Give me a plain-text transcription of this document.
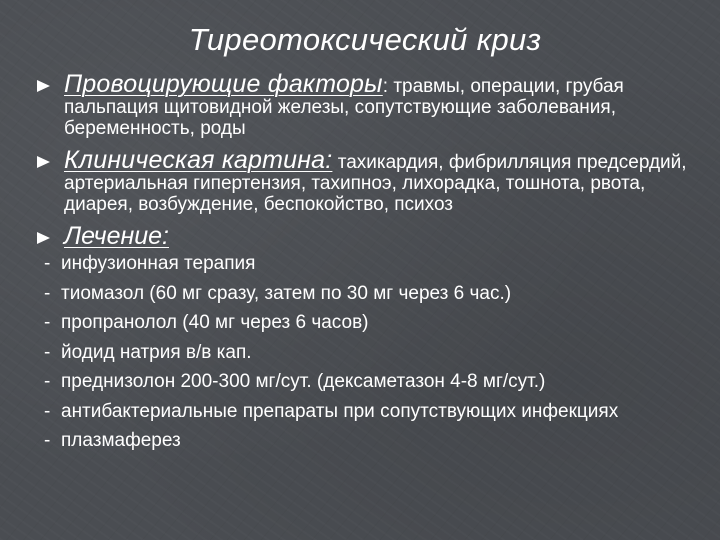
Тиреотоксический криз
Провоцирующие факторы: травмы, операции, грубая пальпация щитовидной железы, сопутствующие заболевания, беременность, роды
Клиническая картина: тахикардия, фибрилляция предсердий, артериальная гипертензия, тахипноэ, лихорадка, тошнота, рвота, диарея, возбуждение, беспокойство, психоз
Лечение:
- инфузионная терапия
- тиомазол (60 мг сразу, затем по 30 мг через 6 час.)
- пропранолол (40 мг через 6 часов)
- йодид натрия в/в кап.
- преднизолон 200-300 мг/сут. (дексаметазон 4-8 мг/сут.)
- антибактериальные препараты при сопутствующих инфекциях
- плазмаферез
